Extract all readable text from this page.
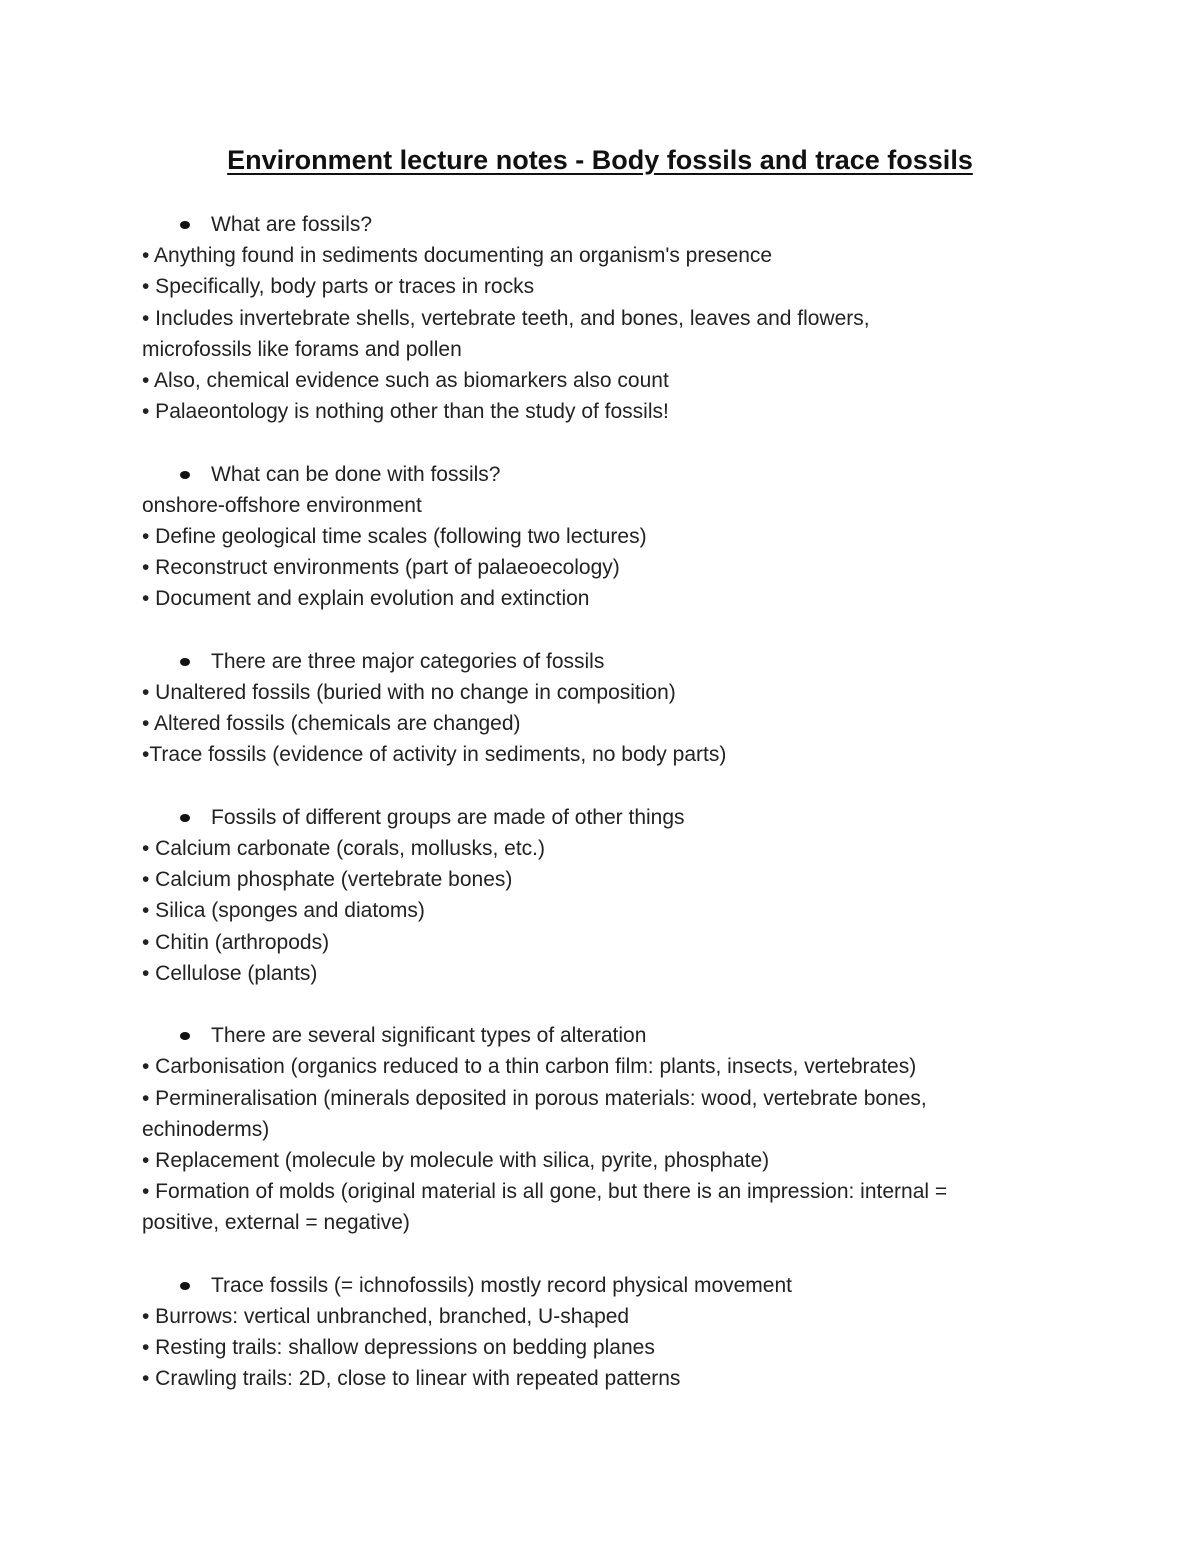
Environment lecture notes - Body fossils and trace fossils
What are fossils?
• Anything found in sediments documenting an organism's presence
• Specifically, body parts or traces in rocks
• Includes invertebrate shells, vertebrate teeth, and bones, leaves and flowers,
microfossils like forams and pollen
• Also, chemical evidence such as biomarkers also count
• Palaeontology is nothing other than the study of fossils!
What can be done with fossils?
onshore-offshore environment
• Define geological time scales (following two lectures)
• Reconstruct environments (part of palaeoecology)
• Document and explain evolution and extinction
There are three major categories of fossils
• Unaltered fossils (buried with no change in composition)
• Altered fossils (chemicals are changed)
•Trace fossils (evidence of activity in sediments, no body parts)
Fossils of different groups are made of other things
• Calcium carbonate (corals, mollusks, etc.)
• Calcium phosphate (vertebrate bones)
• Silica (sponges and diatoms)
• Chitin (arthropods)
• Cellulose (plants)
There are several significant types of alteration
• Carbonisation (organics reduced to a thin carbon film: plants, insects, vertebrates)
• Permineralisation (minerals deposited in porous materials: wood, vertebrate bones,
echinoderms)
• Replacement (molecule by molecule with silica, pyrite, phosphate)
• Formation of molds (original material is all gone, but there is an impression: internal =
positive, external = negative)
Trace fossils (= ichnofossils) mostly record physical movement
• Burrows: vertical unbranched, branched, U-shaped
• Resting trails: shallow depressions on bedding planes
• Crawling trails: 2D, close to linear with repeated patterns
